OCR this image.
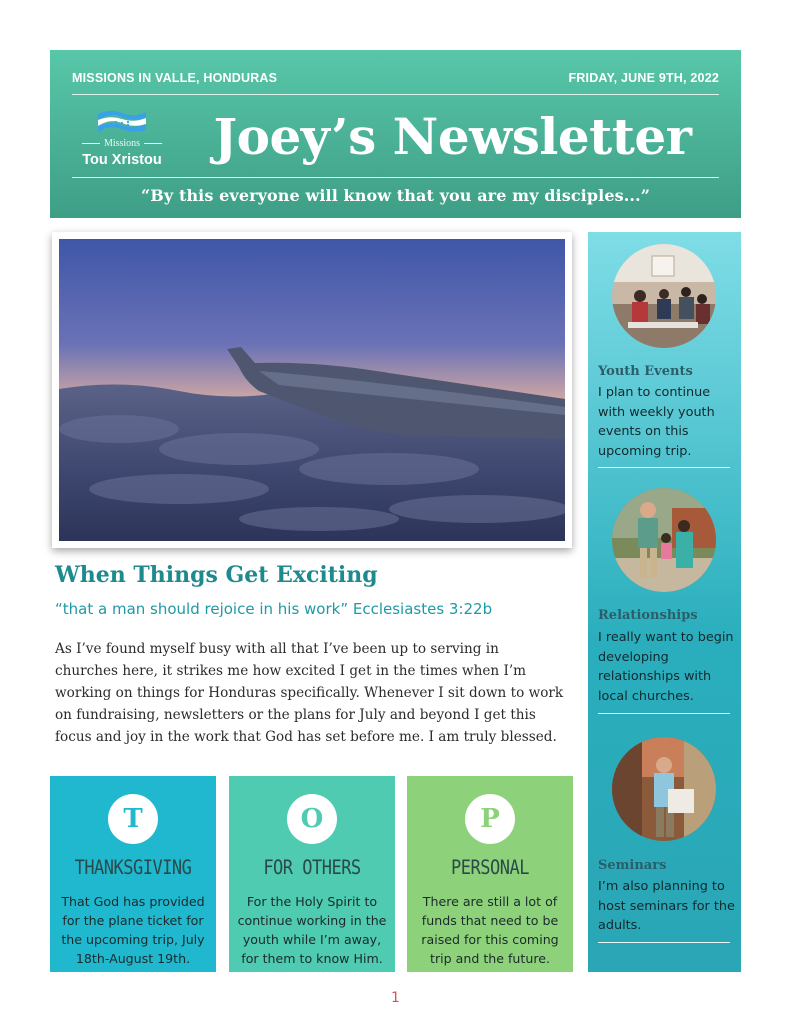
MISSIONS IN VALLE, HONDURAS	FRIDAY, JUNE 9TH, 2022
Missions
Tou Xristou	Joey’s Newsletter
“By this everyone will know that you are my disciples...”
When Things Get Exciting
“that a man should rejoice in his work” Ecclesiastes 3:22b
As I’ve found myself busy with all that I’ve been up to serving in churches here, it strikes me how excited I get in the times when I’m working on things for Honduras specifically. Whenever I sit down to work on fundraising, newsletters or the plans for July and beyond I get this focus and joy in the work that God has set before me. I am truly blessed.
T
THANKSGIVING
That God has provided for the plane ticket for the upcoming trip, July 18th-August 19th.
O
FOR OTHERS
For the Holy Spirit to continue working in the youth while I’m away, for them to know Him.
P
PERSONAL
There are still a lot of funds that need to be raised for this coming trip and the future.
Youth Events
I plan to continue with weekly youth events on this upcoming trip.
Relationships
I really want to begin developing relationships with local churches.
Seminars
I’m also planning to host seminars for the adults.
1
